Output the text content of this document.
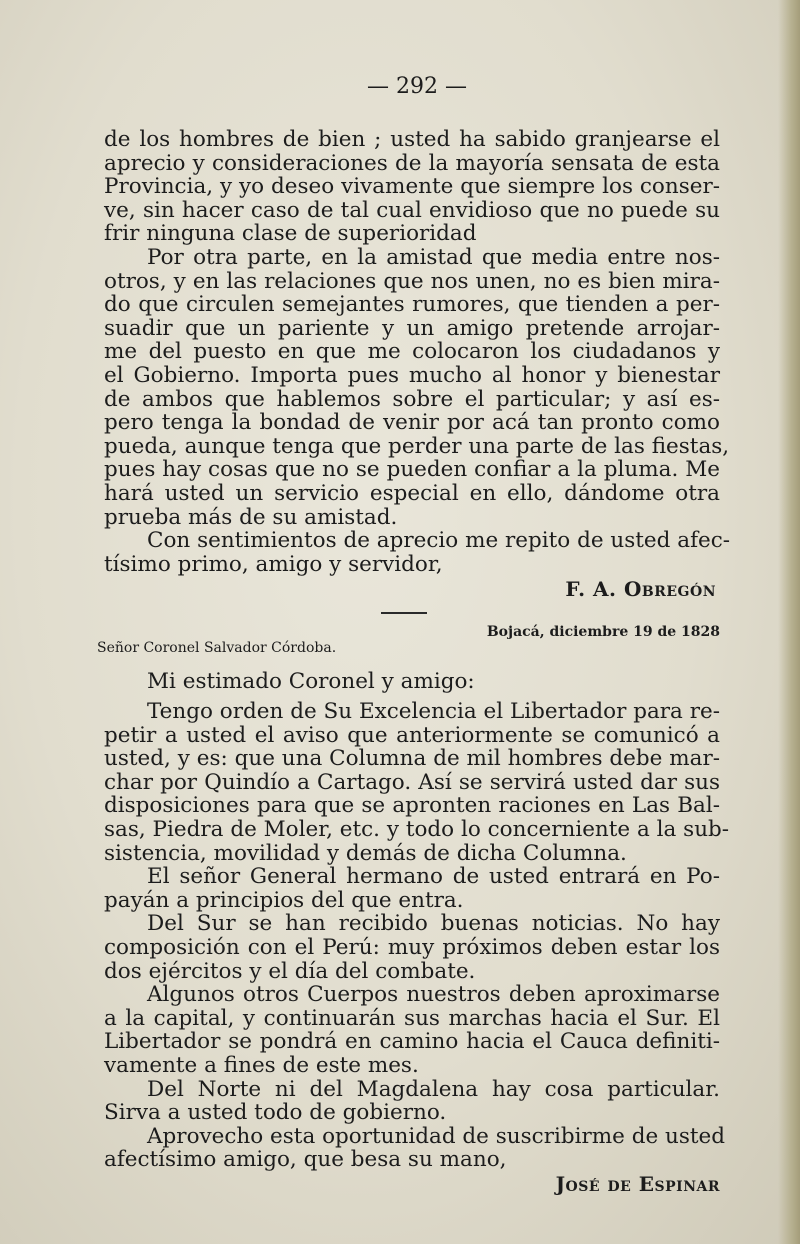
— 292 —
de los hombres de bien ; usted ha sabido granjearse el
aprecio y consideraciones de la mayoría sensata de esta
Provincia, y yo deseo vivamente que siempre los conser-
ve, sin hacer caso de tal cual envidioso que no puede su
frir ninguna clase de superioridad
Por otra parte, en la amistad que media entre nos-
otros, y en las relaciones que nos unen, no es bien mira-
do que circulen semejantes rumores, que tienden a per-
suadir que un pariente y un amigo pretende arrojar-
me del puesto en que me colocaron los ciudadanos y
el Gobierno. Importa pues mucho al honor y bienestar
de ambos que hablemos sobre el particular; y así es-
pero tenga la bondad de venir por acá tan pronto como
pueda, aunque tenga que perder una parte de las fiestas,
pues hay cosas que no se pueden confiar a la pluma. Me
hará usted un servicio especial en ello, dándome otra
prueba más de su amistad.
Con sentimientos de aprecio me repito de usted afec-
tísimo primo, amigo y servidor,
F. A. Obregón
Bojacá, diciembre 19 de 1828
Señor Coronel Salvador Córdoba.
Mi estimado Coronel y amigo:
Tengo orden de Su Excelencia el Libertador para re-
petir a usted el aviso que anteriormente se comunicó a
usted, y es: que una Columna de mil hombres debe mar-
char por Quindío a Cartago. Así se servirá usted dar sus
disposiciones para que se apronten raciones en Las Bal-
sas, Piedra de Moler, etc. y todo lo concerniente a la sub-
sistencia, movilidad y demás de dicha Columna.
El señor General hermano de usted entrará en Po-
payán a principios del que entra.
Del Sur se han recibido buenas noticias. No hay
composición con el Perú: muy próximos deben estar los
dos ejércitos y el día del combate.
Algunos otros Cuerpos nuestros deben aproximarse
a la capital, y continuarán sus marchas hacia el Sur. El
Libertador se pondrá en camino hacia el Cauca definiti-
vamente a fines de este mes.
Del Norte ni del Magdalena hay cosa particular.
Sirva a usted todo de gobierno.
Aprovecho esta oportunidad de suscribirme de usted
afectísimo amigo, que besa su mano,
José de Espinar
